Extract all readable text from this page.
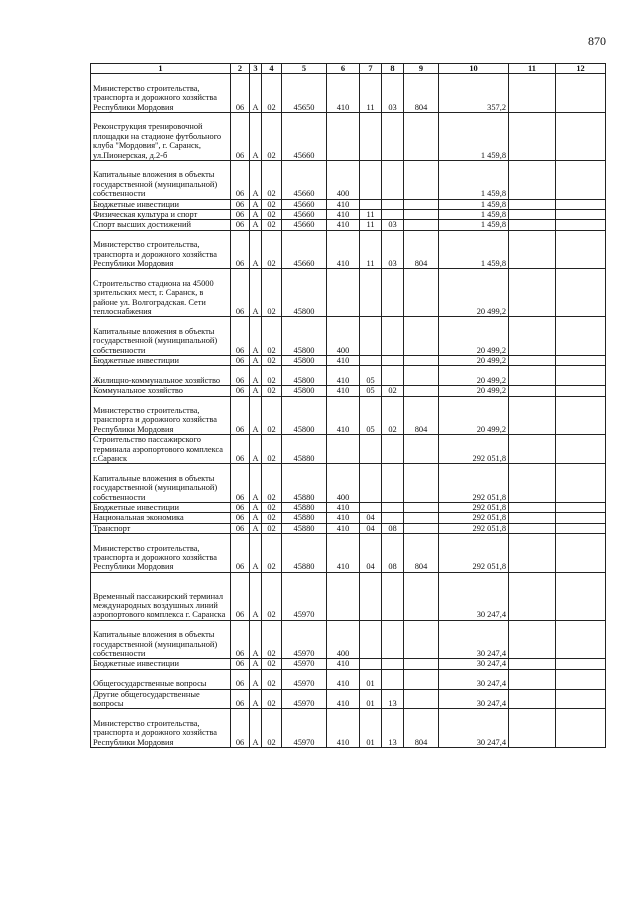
870
1	2	3	4	5	6	7	8	9	10	11	12
Министерство строительства, транспорта и дорожного хозяйства Республики Мордовия	06	А	02	45650	410	11	03	804	357,2		
Реконструкция тренировочной площадки на стадионе футбольного клуба "Мордовия", г. Саранск, ул.Пионерская, д.2-б	06	А	02	45660					1 459,8		
Капитальные вложения в объекты государственной (муниципальной) собственности	06	А	02	45660	400				1 459,8		
Бюджетные инвестиции	06	А	02	45660	410				1 459,8		
Физическая культура и спорт	06	А	02	45660	410	11			1 459,8		
Спорт высших достижений	06	А	02	45660	410	11	03		1 459,8		
Министерство строительства, транспорта и дорожного хозяйства Республики Мордовия	06	А	02	45660	410	11	03	804	1 459,8		
Строительство стадиона на 45000 зрительских мест, г. Саранск, в районе ул. Волгоградская. Сети теплоснабжения	06	А	02	45800					20 499,2		
Капитальные вложения в объекты государственной (муниципальной) собственности	06	А	02	45800	400				20 499,2		
Бюджетные инвестиции	06	А	02	45800	410				20 499,2		
Жилищно-коммунальное хозяйство	06	А	02	45800	410	05			20 499,2		
Коммунальное хозяйство	06	А	02	45800	410	05	02		20 499,2		
Министерство строительства, транспорта и дорожного хозяйства Республики Мордовия	06	А	02	45800	410	05	02	804	20 499,2		
Строительство пассажирского терминала аэропортового комплекса г.Саранск	06	А	02	45880					292 051,8		
Капитальные вложения в объекты государственной (муниципальной) собственности	06	А	02	45880	400				292 051,8		
Бюджетные инвестиции	06	А	02	45880	410				292 051,8		
Национальная экономика	06	А	02	45880	410	04			292 051,8		
Транспорт	06	А	02	45880	410	04	08		292 051,8		
Министерство строительства, транспорта и дорожного хозяйства Республики Мордовия	06	А	02	45880	410	04	08	804	292 051,8		
Временный пассажирский терминал международных воздушных линий аэропортового комплекса г. Саранска	06	А	02	45970					30 247,4		
Капитальные вложения в объекты государственной (муниципальной) собственности	06	А	02	45970	400				30 247,4		
Бюджетные инвестиции	06	А	02	45970	410				30 247,4		
Общегосударственные вопросы	06	А	02	45970	410	01			30 247,4		
Другие общегосударственные вопросы	06	А	02	45970	410	01	13		30 247,4		
Министерство строительства, транспорта и дорожного хозяйства Республики Мордовия	06	А	02	45970	410	01	13	804	30 247,4		
